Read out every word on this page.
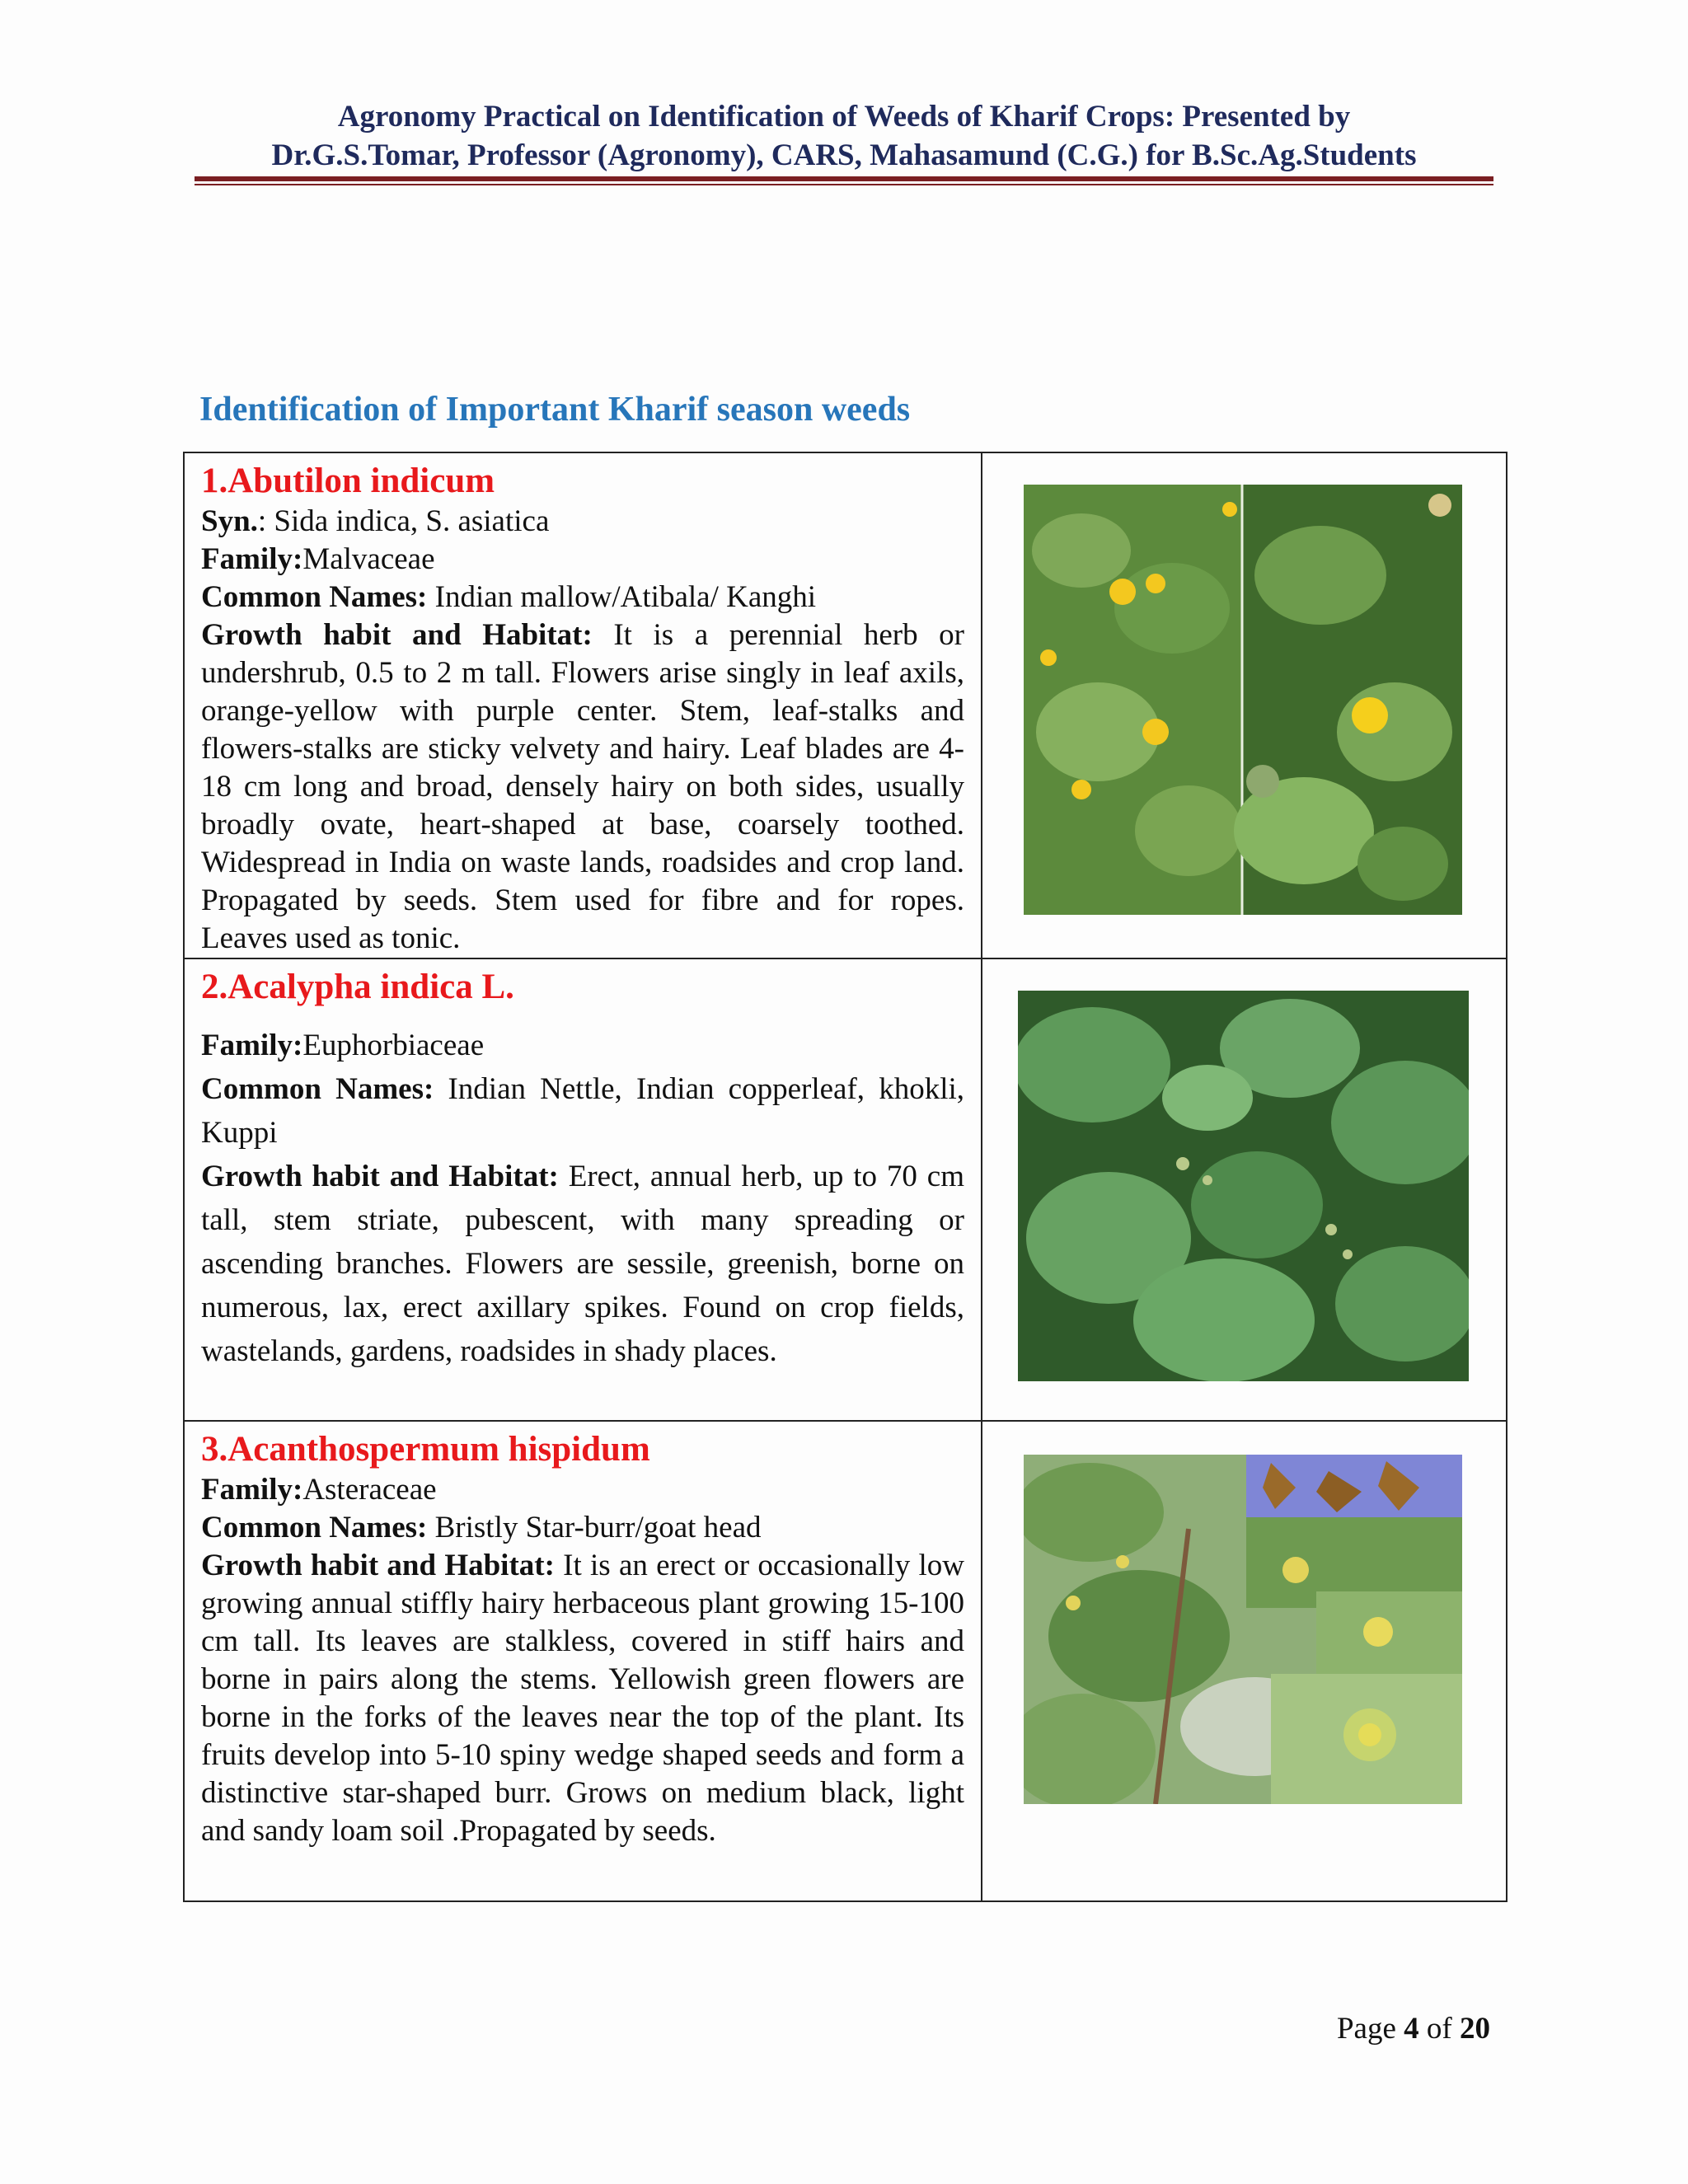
Agronomy Practical on Identification of Weeds of Kharif Crops: Presented by
Dr.G.S.Tomar, Professor (Agronomy), CARS, Mahasamund (C.G.) for B.Sc.Ag.Students
Identification of Important Kharif season weeds
1.Abutilon indicum
Syn.: Sida indica, S. asiatica
Family:Malvaceae
Common Names: Indian mallow/Atibala/ Kanghi
Growth habit and Habitat: It is a perennial herb or undershrub, 0.5 to 2 m tall. Flowers arise singly in leaf axils, orange-yellow with purple center. Stem, leaf-stalks and flowers-stalks are sticky velvety and hairy. Leaf blades are 4-18 cm long and broad, densely hairy on both sides, usually broadly ovate, heart-shaped at base, coarsely toothed. Widespread in India on waste lands, roadsides and crop land. Propagated by seeds. Stem used for fibre and for ropes. Leaves used as tonic.

2.Acalypha indica L.
Family:Euphorbiaceae
Common Names: Indian Nettle, Indian copperleaf, khokli, Kuppi
Growth habit and Habitat: Erect, annual herb, up to 70 cm tall, stem striate, pubescent, with many spreading or ascending branches. Flowers are sessile, greenish, borne on numerous, lax, erect axillary spikes. Found on crop fields, wastelands, gardens, roadsides in shady places.

3.Acanthospermum hispidum
Family:Asteraceae
Common Names: Bristly Star-burr/goat head
Growth habit and Habitat: It is an erect or occasionally low growing annual stiffly hairy herbaceous plant growing 15-100 cm tall. Its leaves are stalkless, covered in stiff hairs and borne in pairs along the stems. Yellowish green flowers are borne in the forks of the leaves near the top of the plant. Its fruits develop into 5-10 spiny wedge shaped seeds and form a distinctive star-shaped burr. Grows on medium black, light and sandy loam soil .Propagated by seeds.

Page 4 of 20
